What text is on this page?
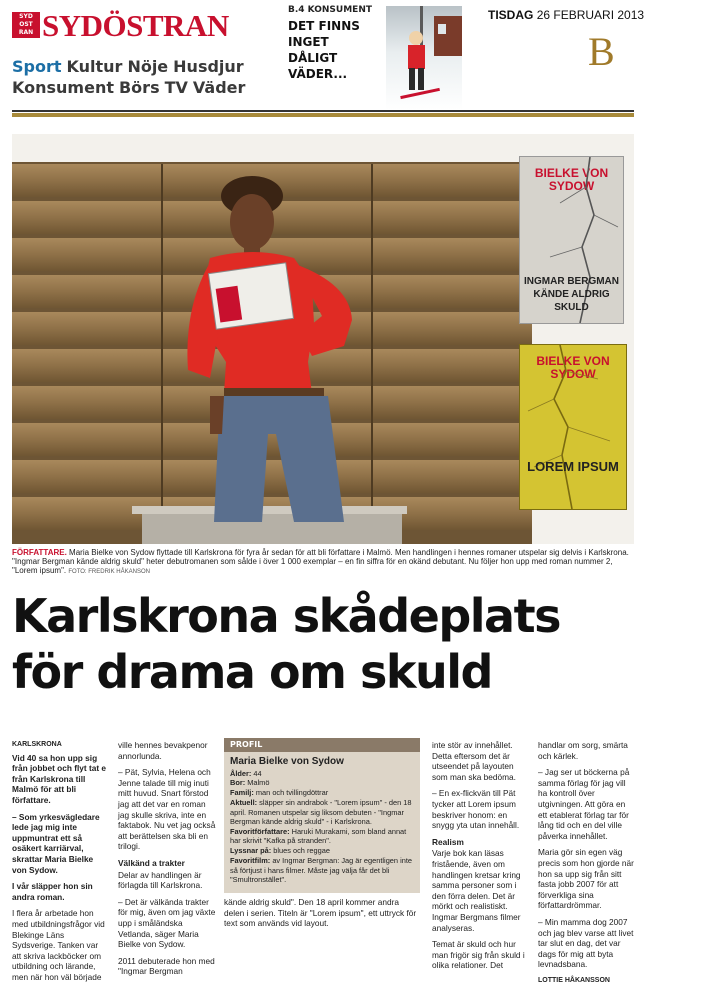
SYD
OST
RAN SYDÖSTRAN
Sport Kultur Nöje Husdjur
Konsument Börs TV Väder
B.4 KONSUMENT
DET FINNS INGET DÅLIGT VÄDER...
TISDAG 26 FEBRUARI 2013
B
BIELKE VON SYDOW
INGMAR BERGMAN KÄNDE ALDRIG SKULD
BIELKE VON SYDOW
LOREM IPSUM
FÖRFATTARE. Maria Bielke von Sydow flyttade till Karlskrona för fyra år sedan för att bli författare i Malmö. Men handlingen i hennes romaner utspelar sig delvis i Karlskrona. "Ingmar Bergman kände aldrig skuld" heter debutromanen som sålde i över 1 000 exemplar – en fin siffra för en okänd debutant. Nu följer hon upp med roman nummer 2, "Lorem ipsum". FOTO: FREDRIK HÅKANSON
Karlskrona skådeplats för drama om skuld

KARLSKRONA

Vid 40 sa hon upp sig från jobbet och flyt tat e från Karlskrona till Malmö för att bli författare.

– Som yrkesvägledare lede jag mig inte uppmuntrat ett så osäkert karriärval, skrattar Maria Bielke von Sydow.

I vår släpper hon sin andra roman.

I flera år arbetade hon med utbildningsfrågor vid Blekinge Läns Sydsverige. Tanken var att skriva lackböcker om utbildning och lärande, men när hon väl började

ville hennes bevakpenor annorlunda.

– Pät, Sylvia, Helena och Jenne talade till mig inuti mitt huvud. Snart förstod jag att det var en roman jag skulle skriva, inte en faktabok. Nu vet jag också att berättelsen ska bli en trilogi.

Välkänd a trakter

Delar av handlingen är förlagda till Karlskrona.

– Det är välkända trakter för mig, även om jag växte upp i småländska Vetlanda, säger Maria Bielke von Sydow.

2011 debuterade hon med "Ingmar Bergman

PROFIL
Maria Bielke von Sydow
Ålder: 44
Bor: Malmö
Familj: man och tvillingdöttrar
Aktuell: släpper sin andrabok - "Lorem ipsum" - den 18 april. Romanen utspelar sig liksom debuten - "Ingmar Bergman kände aldrig skuld" - i Karlskrona.
Favoritförfattare: Haruki Murakami, som bland annat har skrivit "Kafka på stranden".
Lyssnar på: blues och reggae
Favoritfilm: av Ingmar Bergman: Jag är egentligen inte så förtjust i hans filmer. Måste jag välja får det bli "Smultronstället".

kände aldrig skuld". Den 18 april kommer andra delen i serien. Titeln är "Lorem ipsum", ett uttryck för text som används vid layout.

inte stör av innehållet. Detta eftersom det är utseendet på layouten som man ska bedöma.

– En ex-flickvän till Pät tycker att Lorem ipsum beskriver honom: en snygg yta utan innehåll.

Realism

Varje bok kan läsas fristående, även om handlingen kretsar kring samma personer som i den förra delen. Det är mörkt och realistiskt. Ingmar Bergmans filmer analyseras.

Temat är skuld och hur man frigör sig från skuld i olika relationer. Det

handlar om sorg, smärta och kärlek.

– Jag ser ut böckerna på samma förlag för jag vill ha kontroll över utgivningen. Att göra en ett etablerat förlag tar för lång tid och en del ville påverka innehållet.

Maria gör sin egen väg precis som hon gjorde när hon sa upp sig från sitt fasta jobb 2007 för att förverkliga sina författardrömmar.

– Min mamma dog 2007 och jag blev varse att livet tar slut en dag, det var dags för mig att byta levnadsbana.

LOTTIE HÅKANSSON
